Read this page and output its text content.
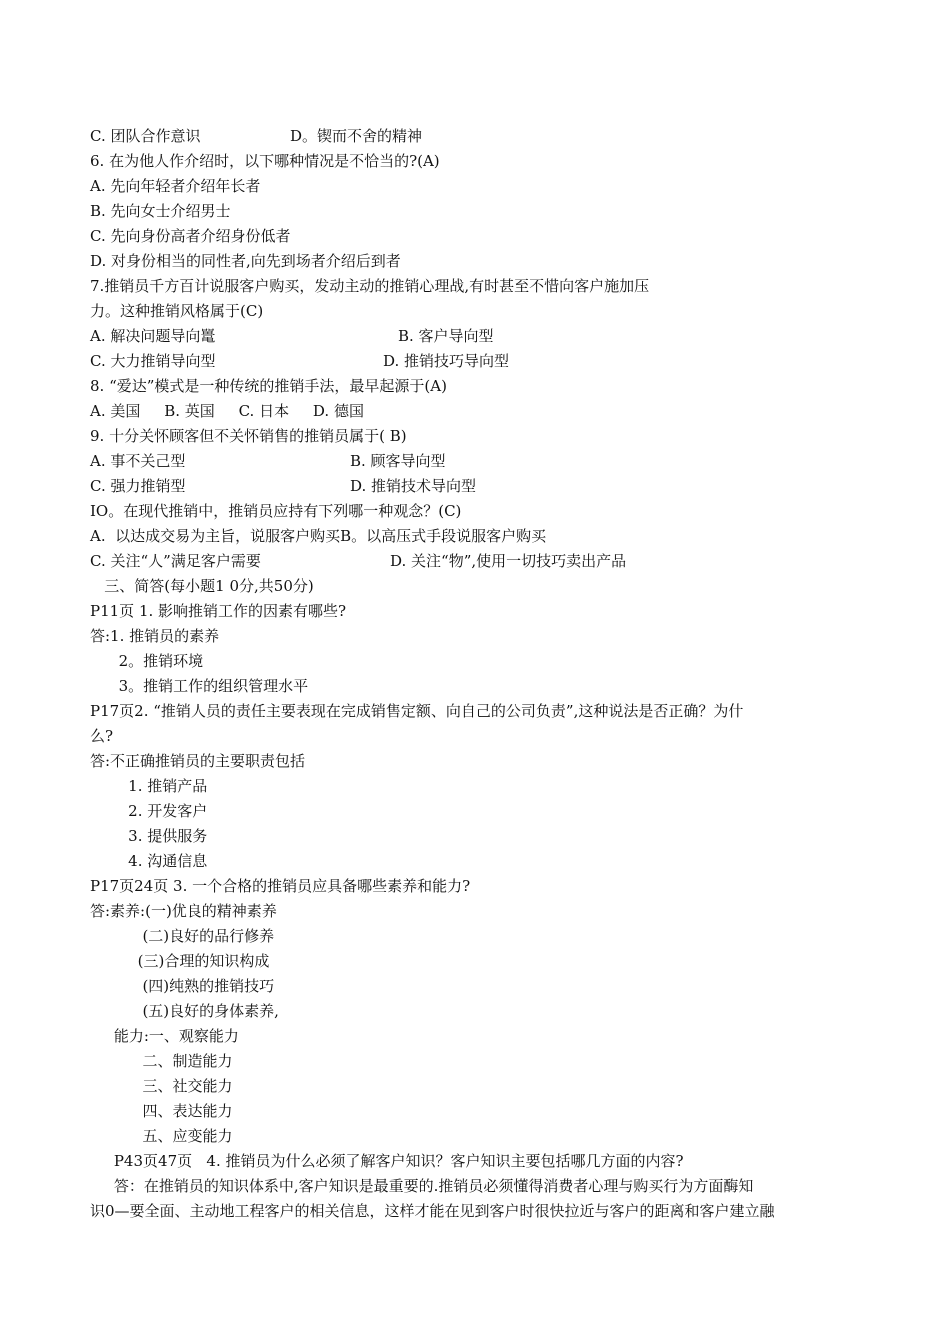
C. 团队合作意识	D。锲而不舍的精神
6. 在为他人作介绍时，以下哪种情况是不恰当的?(A)
A. 先向年轻者介绍年长者
B. 先向女士介绍男士
C. 先向身份高者介绍身份低者
D. 对身份相当的同性者,向先到场者介绍后到者
7.推销员千方百计说服客户购买，发动主动的推销心理战,有时甚至不惜向客户施加压
力。这种推销风格属于(C)
A. 解决问题导向鼍	B. 客户导向型
C. 大力推销导向型	D. 推销技巧导向型
8. “爱达”模式是一种传统的推销手法，最早起源于(A)
A. 美国     B. 英国     C. 日本     D. 德国
9. 十分关怀顾客但不关怀销售的推销员属于( B)
A. 事不关己型	B. 顾客导向型
C. 强力推销型	D. 推销技术导向型
IO。在现代推销中，推销员应持有下列哪一种观念？(C)
A.  以达成交易为主旨，说服客户购买B。以高压式手段说服客户购买
C. 关注“人”满足客户需要	D. 关注“物”,使用一切技巧卖出产品
三、简答(每小题1 0分,共50分)
P11页 1. 影响推销工作的因素有哪些?
答:1. 推销员的素养
2。推销环境
3。推销工作的组织管理水平
P17页2. “推销人员的责任主要表现在完成销售定额、向自己的公司负责”,这种说法是否正确？为什
么?
答:不正确推销员的主要职责包括
1. 推销产品
2. 开发客户
3. 提供服务
4. 沟通信息
P17页24页 3. 一个合格的推销员应具备哪些素养和能力?
答:素养:(一)优良的精神素养
(二)良好的品行修养
(三)合理的知识构成
(四)纯熟的推销技巧
(五)良好的身体素养,
能力:一、观察能力
二、制造能力
三、社交能力
四、表达能力
五、应变能力
P43页47页   4. 推销员为什么必须了解客户知识？客户知识主要包括哪几方面的内容?
答：在推销员的知识体系中,客户知识是最重要的.推销员必须懂得消费者心理与购买行为方面酶知
识0—要全面、主动地工程客户的相关信息，这样才能在见到客户时很快拉近与客户的距离和客户建立融
